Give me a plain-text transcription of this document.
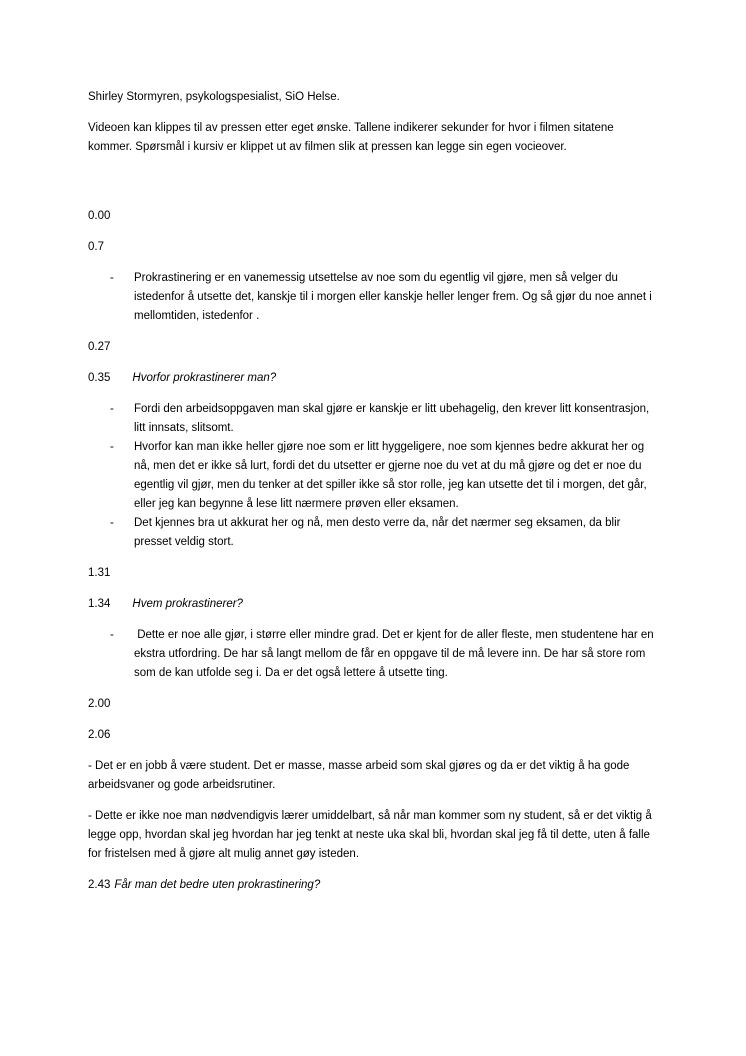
Shirley Stormyren, psykologspesialist, SiO Helse.

Videoen kan klippes til av pressen etter eget ønske. Tallene indikerer sekunder for hvor i filmen sitatene kommer. Spørsmål i kursiv er klippet ut av filmen slik at pressen kan legge sin egen vocieover.

0.00

0.7

- Prokrastinering er en vanemessig utsettelse av noe som du egentlig vil gjøre, men så velger du istedenfor å utsette det, kanskje til i morgen eller kanskje heller lenger frem. Og så gjør du noe annet i mellomtiden, istedenfor .

0.27

0.35 Hvorfor prokrastinerer man?

- Fordi den arbeidsoppgaven man skal gjøre er kanskje er litt ubehagelig, den krever litt konsentrasjon, litt innsats, slitsomt.
- Hvorfor kan man ikke heller gjøre noe som er litt hyggeligere, noe som kjennes bedre akkurat her og nå, men det er ikke så lurt, fordi det du utsetter er gjerne noe du vet at du må gjøre og det er noe du egentlig vil gjør, men du tenker at det spiller ikke så stor rolle, jeg kan utsette det til i morgen, det går, eller jeg kan begynne å lese litt nærmere prøven eller eksamen.
- Det kjennes bra ut akkurat her og nå, men desto verre da, når det nærmer seg eksamen, da blir presset veldig stort.

1.31

1.34 Hvem prokrastinerer?

- Dette er noe alle gjør, i større eller mindre grad. Det er kjent for de aller fleste, men studentene har en ekstra utfordring. De har så langt mellom de får en oppgave til de må levere inn. De har så store rom som de kan utfolde seg i. Da er det også lettere å utsette ting.

2.00

2.06

- Det er en jobb å være student. Det er masse, masse arbeid som skal gjøres og da er det viktig å ha gode arbeidsvaner og gode arbeidsrutiner.

- Dette er ikke noe man nødvendigvis lærer umiddelbart, så når man kommer som ny student, så er det viktig å legge opp, hvordan skal jeg hvordan har jeg tenkt at neste uka skal bli, hvordan skal jeg få til dette, uten å falle for fristelsen med å gjøre alt mulig annet gøy isteden.

2.43 Får man det bedre uten prokrastinering?
